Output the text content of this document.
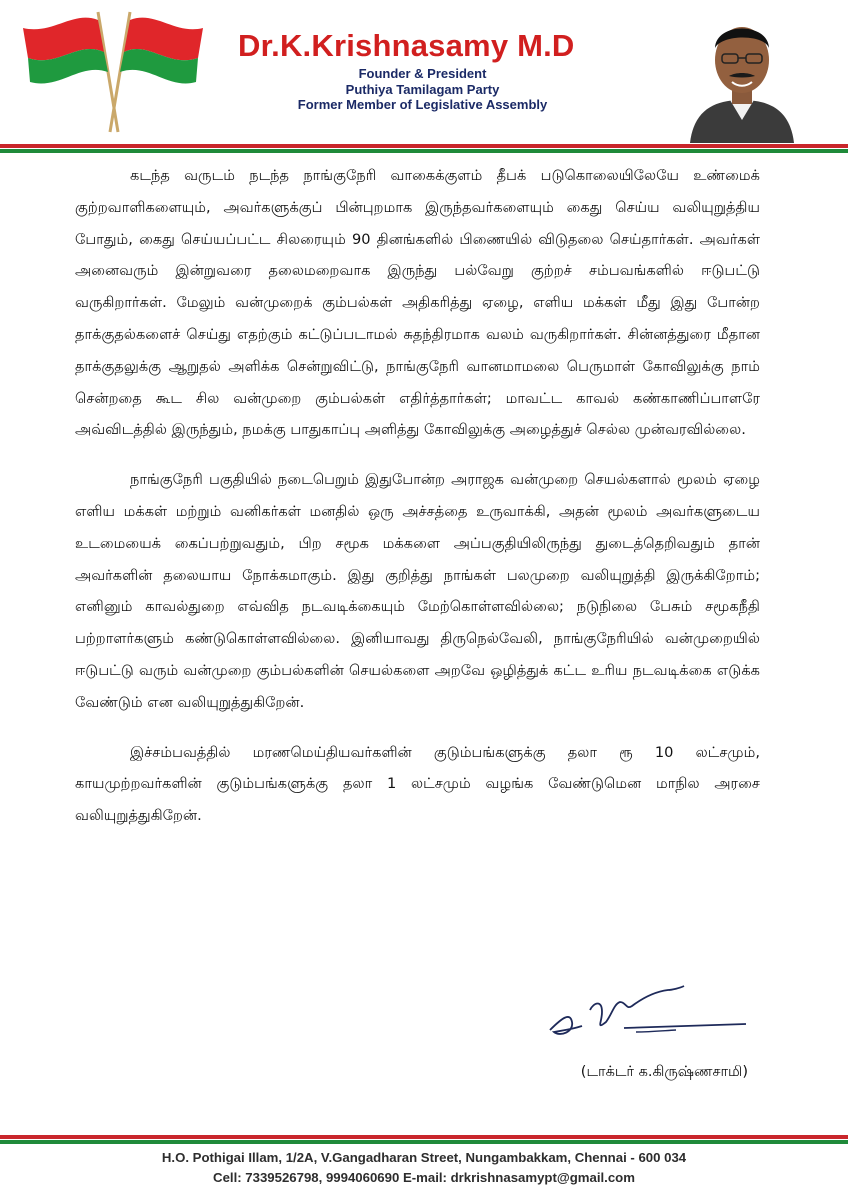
Dr.K.Krishnasamy M.D
Founder & President
Puthiya Tamilagam Party
Former Member of Legislative Assembly

கடந்த வருடம் நடந்த நாங்குநேரி வாகைக்குளம் தீபக் படுகொலையிலேயே உண்மைக் குற்றவாளிகளையும், அவர்களுக்குப் பின்புறமாக இருந்தவர்களையும் கைது செய்ய வலியுறுத்திய போதும், கைது செய்யப்பட்ட சிலரையும் 90 தினங்களில் பிணையில் விடுதலை செய்தார்கள். அவர்கள் அனைவரும் இன்றுவரை தலைமறைவாக இருந்து பல்வேறு குற்றச் சம்பவங்களில் ஈடுபட்டு வருகிறார்கள். மேலும் வன்முறைக் கும்பல்கள் அதிகரித்து ஏழை, எளிய மக்கள் மீது இது போன்ற தாக்குதல்களைச் செய்து எதற்கும் கட்டுப்படாமல் சுதந்திரமாக வலம் வருகிறார்கள். சின்னத்துரை மீதான தாக்குதலுக்கு ஆறுதல் அளிக்க சென்றுவிட்டு, நாங்குநேரி வானமாமலை பெருமாள் கோவிலுக்கு நாம் சென்றதை கூட சில வன்முறை கும்பல்கள் எதிர்த்தார்கள்; மாவட்ட காவல் கண்காணிப்பாளரே அவ்விடத்தில் இருந்தும், நமக்கு பாதுகாப்பு அளித்து கோவிலுக்கு அழைத்துச் செல்ல முன்வரவில்லை.

நாங்குநேரி பகுதியில் நடைபெறும் இதுபோன்ற அராஜக வன்முறை செயல்களால் மூலம் ஏழை எளிய மக்கள் மற்றும் வனிகர்கள் மனதில் ஒரு அச்சத்தை உருவாக்கி, அதன் மூலம் அவர்களுடைய உடமையைக் கைப்பற்றுவதும், பிற சமூக மக்களை அப்பகுதியிலிருந்து துடைத்தெறிவதும் தான் அவர்களின் தலையாய நோக்கமாகும். இது குறித்து நாங்கள் பலமுறை வலியுறுத்தி இருக்கிறோம்; எனினும் காவல்துறை எவ்வித நடவடிக்கையும் மேற்கொள்ளவில்லை; நடுநிலை பேசும் சமூகநீதி பற்றாளர்களும் கண்டுகொள்ளவில்லை. இனியாவது திருநெல்வேலி, நாங்குநேரியில் வன்முறையில் ஈடுபட்டு வரும் வன்முறை கும்பல்களின் செயல்களை அறவே ஒழித்துக் கட்ட உரிய நடவடிக்கை எடுக்க வேண்டும் என வலியுறுத்துகிறேன்.

இச்சம்பவத்தில் மரணமெய்தியவர்களின் குடும்பங்களுக்கு தலா ரூ 10 லட்சமும், காயமுற்றவர்களின் குடும்பங்களுக்கு தலா 1 லட்சமும் வழங்க வேண்டுமென மாநில அரசை வலியுறுத்துகிறேன்.

(டாக்டர் க.கிருஷ்ணசாமி)
H.O. Pothigai Illam, 1/2A, V.Gangadharan Street, Nungambakkam, Chennai - 600 034
Cell: 7339526798, 9994060690 E-mail: drkrishnasamypt@gmail.com
